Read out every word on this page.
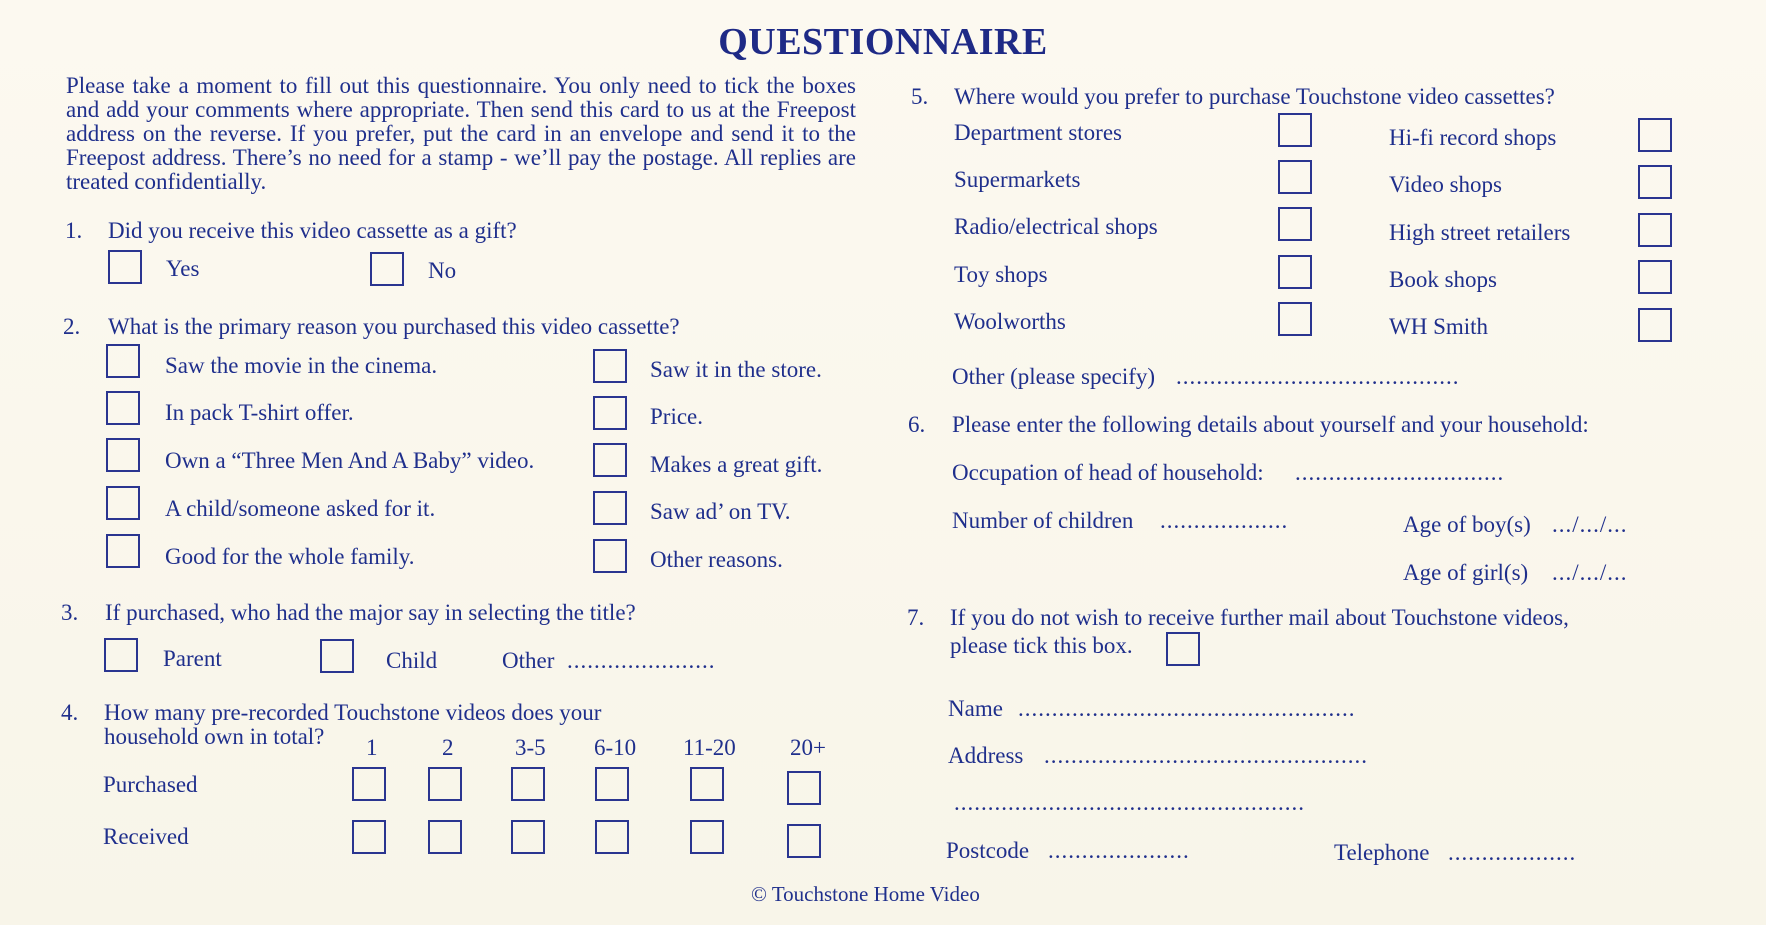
QUESTIONNAIRE
Please take a moment to fill out this questionnaire. You only need to tick the boxes and add your comments where appropriate. Then send this card to us at the Freepost address on the reverse. If you prefer, put the card in an envelope and send it to the Freepost address. There’s no need for a stamp - we’ll pay the postage. All replies are treated confidentially.
1. Did you receive this video cassette as a gift?
Yes	No
2. What is the primary reason you purchased this video cassette?
Saw the movie in the cinema.
In pack T-shirt offer.
Own a “Three Men And A Baby” video.
A child/someone asked for it.
Good for the whole family.
Saw it in the store.
Price.
Makes a great gift.
Saw ad’ on TV.
Other reasons.
3. If purchased, who had the major say in selecting the title?
Parent	Child	Other ......................
4. How many pre-recorded Touchstone videos does your
household own in total? 1	2	3-5 6-10 11-20 20+
Purchased
Received
5. Where would you prefer to purchase Touchstone video cassettes?
Department stores
Supermarkets
Radio/electrical shops
Toy shops
Woolworths
Hi-fi record shops
Video shops
High street retailers
Book shops
WH Smith
Other (please specify) ..........................................
6. Please enter the following details about yourself and your household:
Occupation of head of household: ...............................
Number of children ...................	Age of boy(s) .../.../...
Age of girl(s) .../.../...
7. If you do not wish to receive further mail about Touchstone videos,
please tick this box.
Name ..................................................
Address ................................................
....................................................
Postcode .....................	Telephone ...................
© Touchstone Home Video
